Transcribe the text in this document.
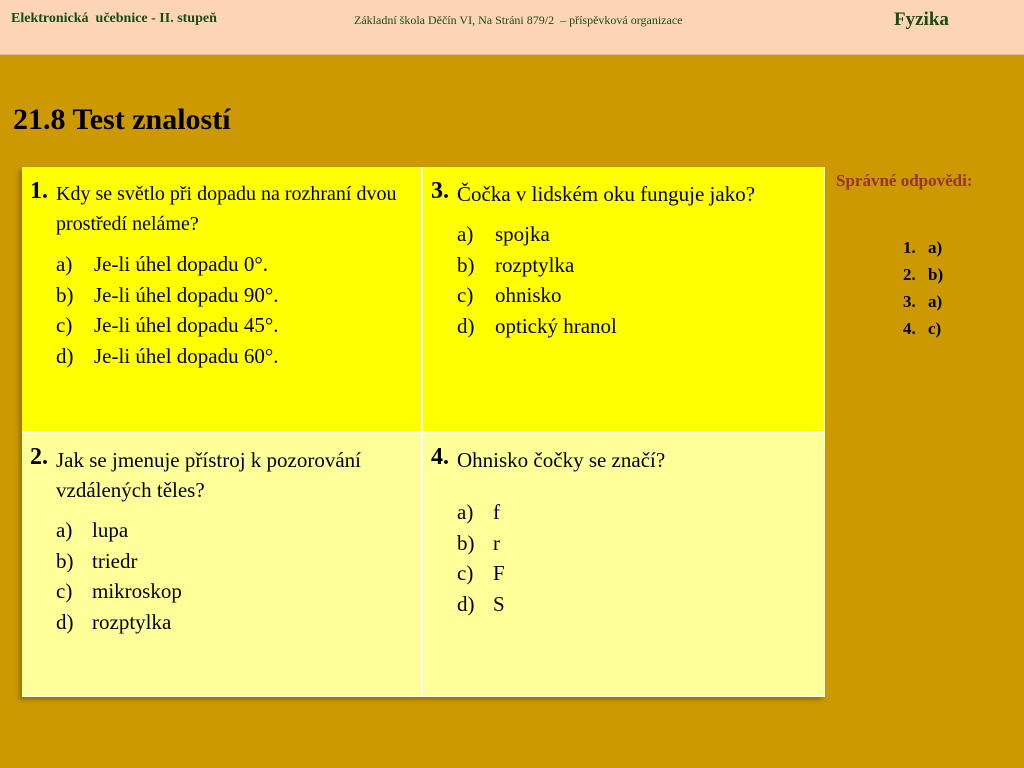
Elektronická  učebnice - II. stupeň	Základní škola Děčín VI, Na Stráni 879/2  – příspěvková organizace	Fyzika
21.8 Test znalostí
1. Kdy se světlo při dopadu na rozhraní dvou prostředí neláme?
a)	Je-li úhel dopadu 0°.
b) Je-li úhel dopadu 90°.
c)	Je-li úhel dopadu 45°.
d) Je-li úhel dopadu 60°.
3. Čočka v lidském oku funguje jako?
a)	spojka
b) rozptylka
c)	ohnisko
d) optický hranol
2. Jak se jmenuje přístroj k pozorování vzdálených těles?
a) lupa
b) triedr
c) mikroskop
d) rozptylka
4. Ohnisko čočky se značí?
a) f
b) r
c) F
d) S
Správné odpovědi:
1. a)
2. b)
3. a)
4. c)
